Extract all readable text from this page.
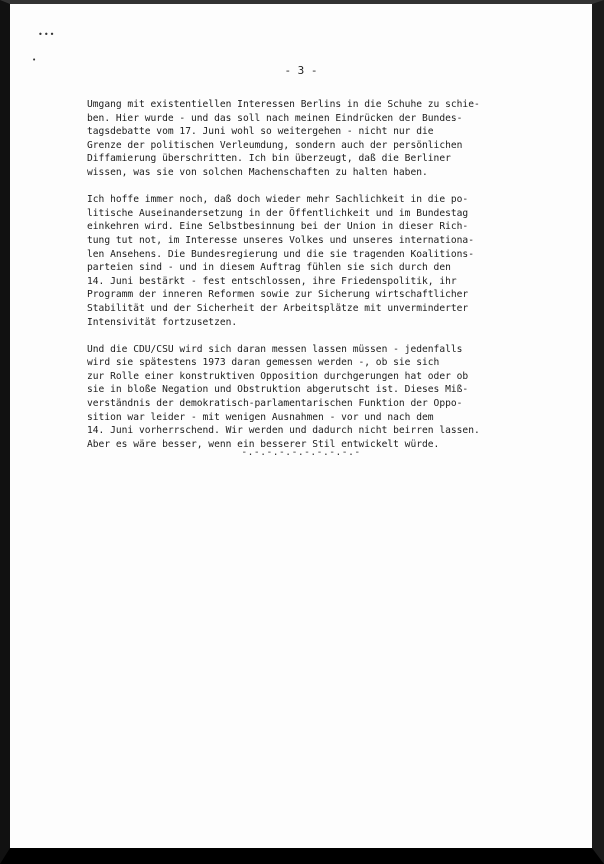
•••
•
- 3 -

Umgang mit existentiellen Interessen Berlins in die Schuhe zu schie-
ben. Hier wurde - und das soll nach meinen Eindrücken der Bundes-
tagsdebatte vom 17. Juni wohl so weitergehen - nicht nur die
Grenze der politischen Verleumdung, sondern auch der persönlichen
Diffamierung überschritten. Ich bin überzeugt, daß die Berliner
wissen, was sie von solchen Machenschaften zu halten haben.

Ich hoffe immer noch, daß doch wieder mehr Sachlichkeit in die po-
litische Auseinandersetzung in der Öffentlichkeit und im Bundestag
einkehren wird. Eine Selbstbesinnung bei der Union in dieser Rich-
tung tut not, im Interesse unseres Volkes und unseres internationa-
len Ansehens. Die Bundesregierung und die sie tragenden Koalitions-
parteien sind - und in diesem Auftrag fühlen sie sich durch den
14. Juni bestärkt - fest entschlossen, ihre Friedenspolitik, ihr
Programm der inneren Reformen sowie zur Sicherung wirtschaftlicher
Stabilität und der Sicherheit der Arbeitsplätze mit unverminderter
Intensivität fortzusetzen.

Und die CDU/CSU wird sich daran messen lassen müssen - jedenfalls
wird sie spätestens 1973 daran gemessen werden -, ob sie sich
zur Rolle einer konstruktiven Opposition durchgerungen hat oder ob
sie in bloße Negation und Obstruktion abgerutscht ist. Dieses Miß-
verständnis der demokratisch-parlamentarischen Funktion der Oppo-
sition war leider - mit wenigen Ausnahmen - vor und nach dem
14. Juni vorherrschend. Wir werden und dadurch nicht beirren lassen.
Aber es wäre besser, wenn ein besserer Stil entwickelt würde.

-.-.-.-.-.-.-.-.-.-
